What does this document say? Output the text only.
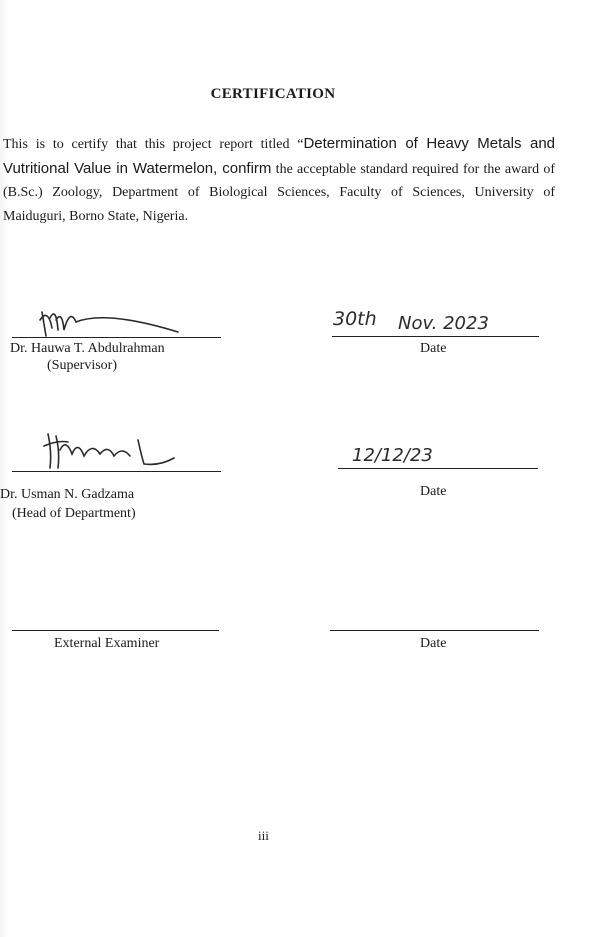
CERTIFICATION
This is to certify that this project report titled “Determination of Heavy Metals and Vutritional Value in Watermelon, confirm the acceptable standard required for the award of (B.Sc.) Zoology, Department of Biological Sciences, Faculty of Sciences, University of Maiduguri, Borno State, Nigeria.
Dr. Hauwa T. Abdulrahman
(Supervisor)
30th Nov. 2023
Date
Dr. Usman N. Gadzama
(Head of Department)
12/12/23
Date
External Examiner	Date
iii
